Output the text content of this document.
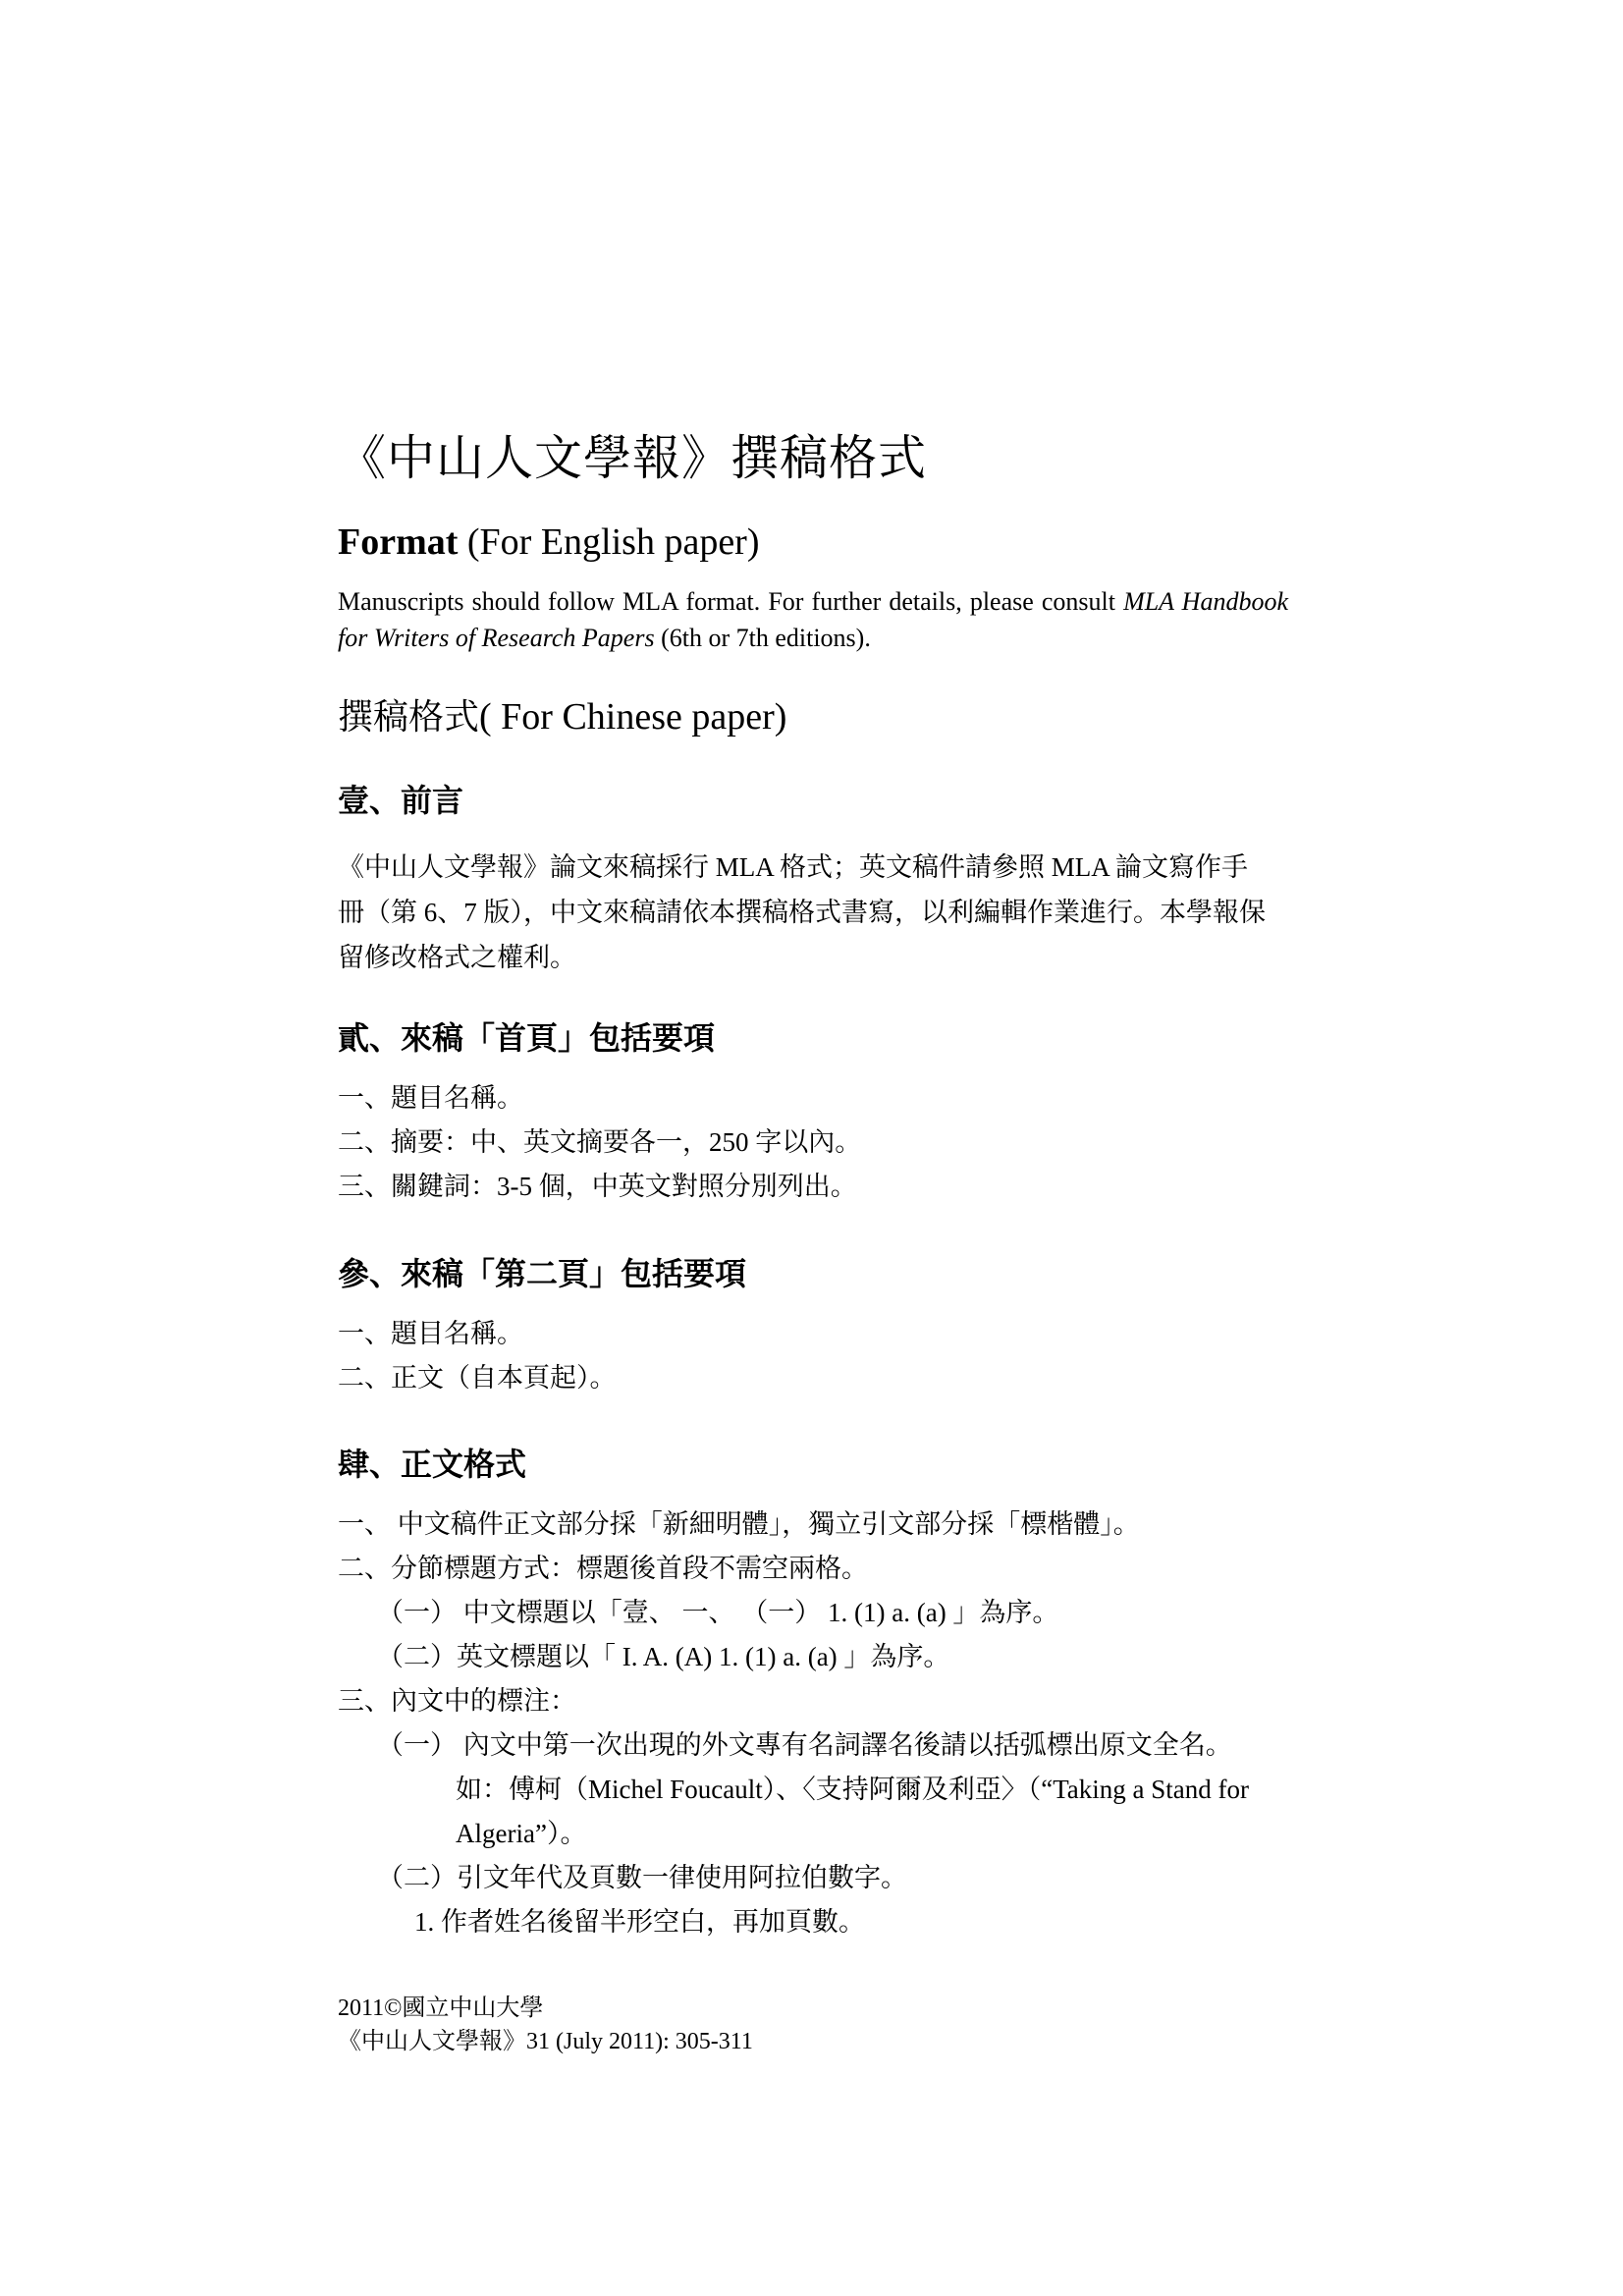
《中山人文學報》撰稿格式
Format (For English paper)

Manuscripts should follow MLA format. For further details, please consult MLA Handbook for Writers of Research Papers (6th or 7th editions).

撰稿格式( For Chinese paper)
壹、前言

《中山人文學報》論文來稿採行 MLA 格式；英文稿件請參照 MLA 論文寫作手

冊（第 6、7 版），中文來稿請依本撰稿格式書寫，以利編輯作業進行。本學報保

留修改格式之權利。

貳、來稿「首頁」包括要項

一、題目名稱。

二、摘要：中、英文摘要各一，250 字以內。

三、關鍵詞：3-5 個，中英文對照分別列出。

參、來稿「第二頁」包括要項

一、題目名稱。

二、正文（自本頁起）。

肆、正文格式

一、 中文稿件正文部分採「新細明體」，獨立引文部分採「標楷體」。

二、分節標題方式：標題後首段不需空兩格。

（一） 中文標題以「壹、 一、 （一） 1. (1) a. (a) 」為序。

（二）英文標題以「 I. A. (A) 1. (1) a. (a) 」為序。

三、內文中的標注：

（一） 內文中第一次出現的外文專有名詞譯名後請以括弧標出原文全名。

如：傅柯（Michel Foucault）、〈支持阿爾及利亞〉（“Taking a Stand for

Algeria”）。

（二）引文年代及頁數一律使用阿拉伯數字。

1. 作者姓名後留半形空白，再加頁數。

2011©國立中山大學

《中山人文學報》31 (July 2011): 305-311
